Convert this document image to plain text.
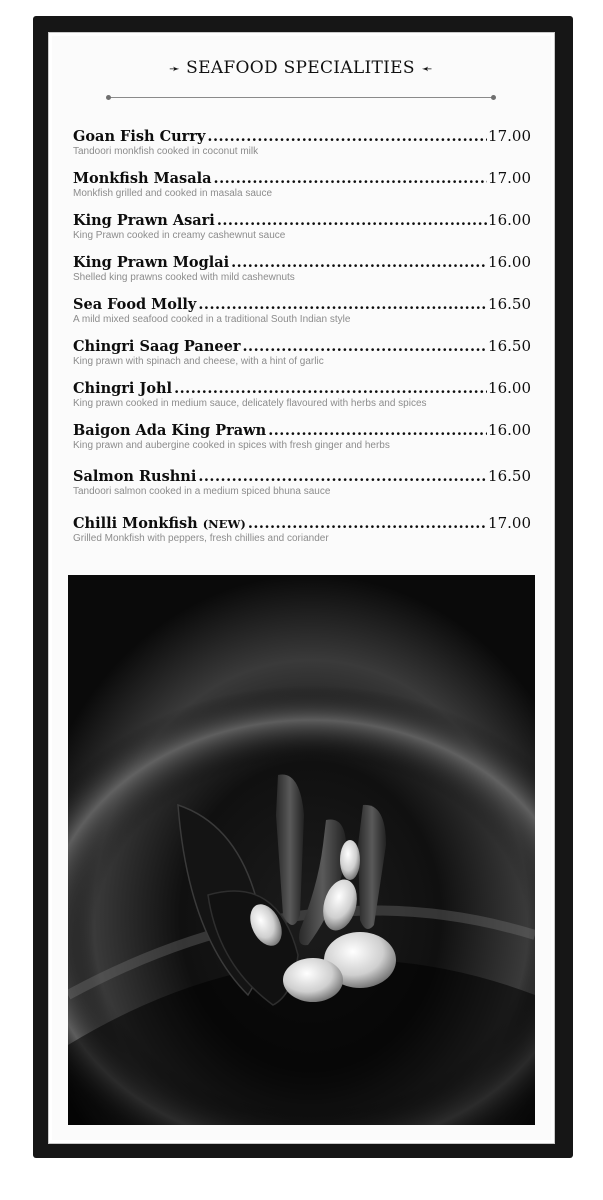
➛ SEAFOOD SPECIALITIES ➛
Goan Fish Curry .....	17.00
Tandoori monkfish cooked in coconut milk
Monkfish Masala .....	17.00
Monkfish grilled and cooked in masala sauce
King Prawn Asari .....	16.00
King Prawn cooked in creamy cashewnut sauce
King Prawn Moglai .....	16.00
Shelled king prawns cooked with mild cashewnuts
Sea Food Molly .....	16.50
A mild mixed seafood cooked in a traditional South Indian style
Chingri Saag Paneer .....	16.50
King prawn with spinach and cheese, with a hint of garlic
Chingri Johl .....	16.00
King prawn cooked in medium sauce, delicately flavoured with herbs and spices
Baigon Ada King Prawn .....	16.00
King prawn and aubergine cooked in spices with fresh ginger and herbs
Salmon Rushni .....	16.50
Tandoori salmon cooked in a medium spiced bhuna sauce
Chilli Monkfish (NEW) .....	17.00
Grilled Monkfish with peppers, fresh chillies and coriander
